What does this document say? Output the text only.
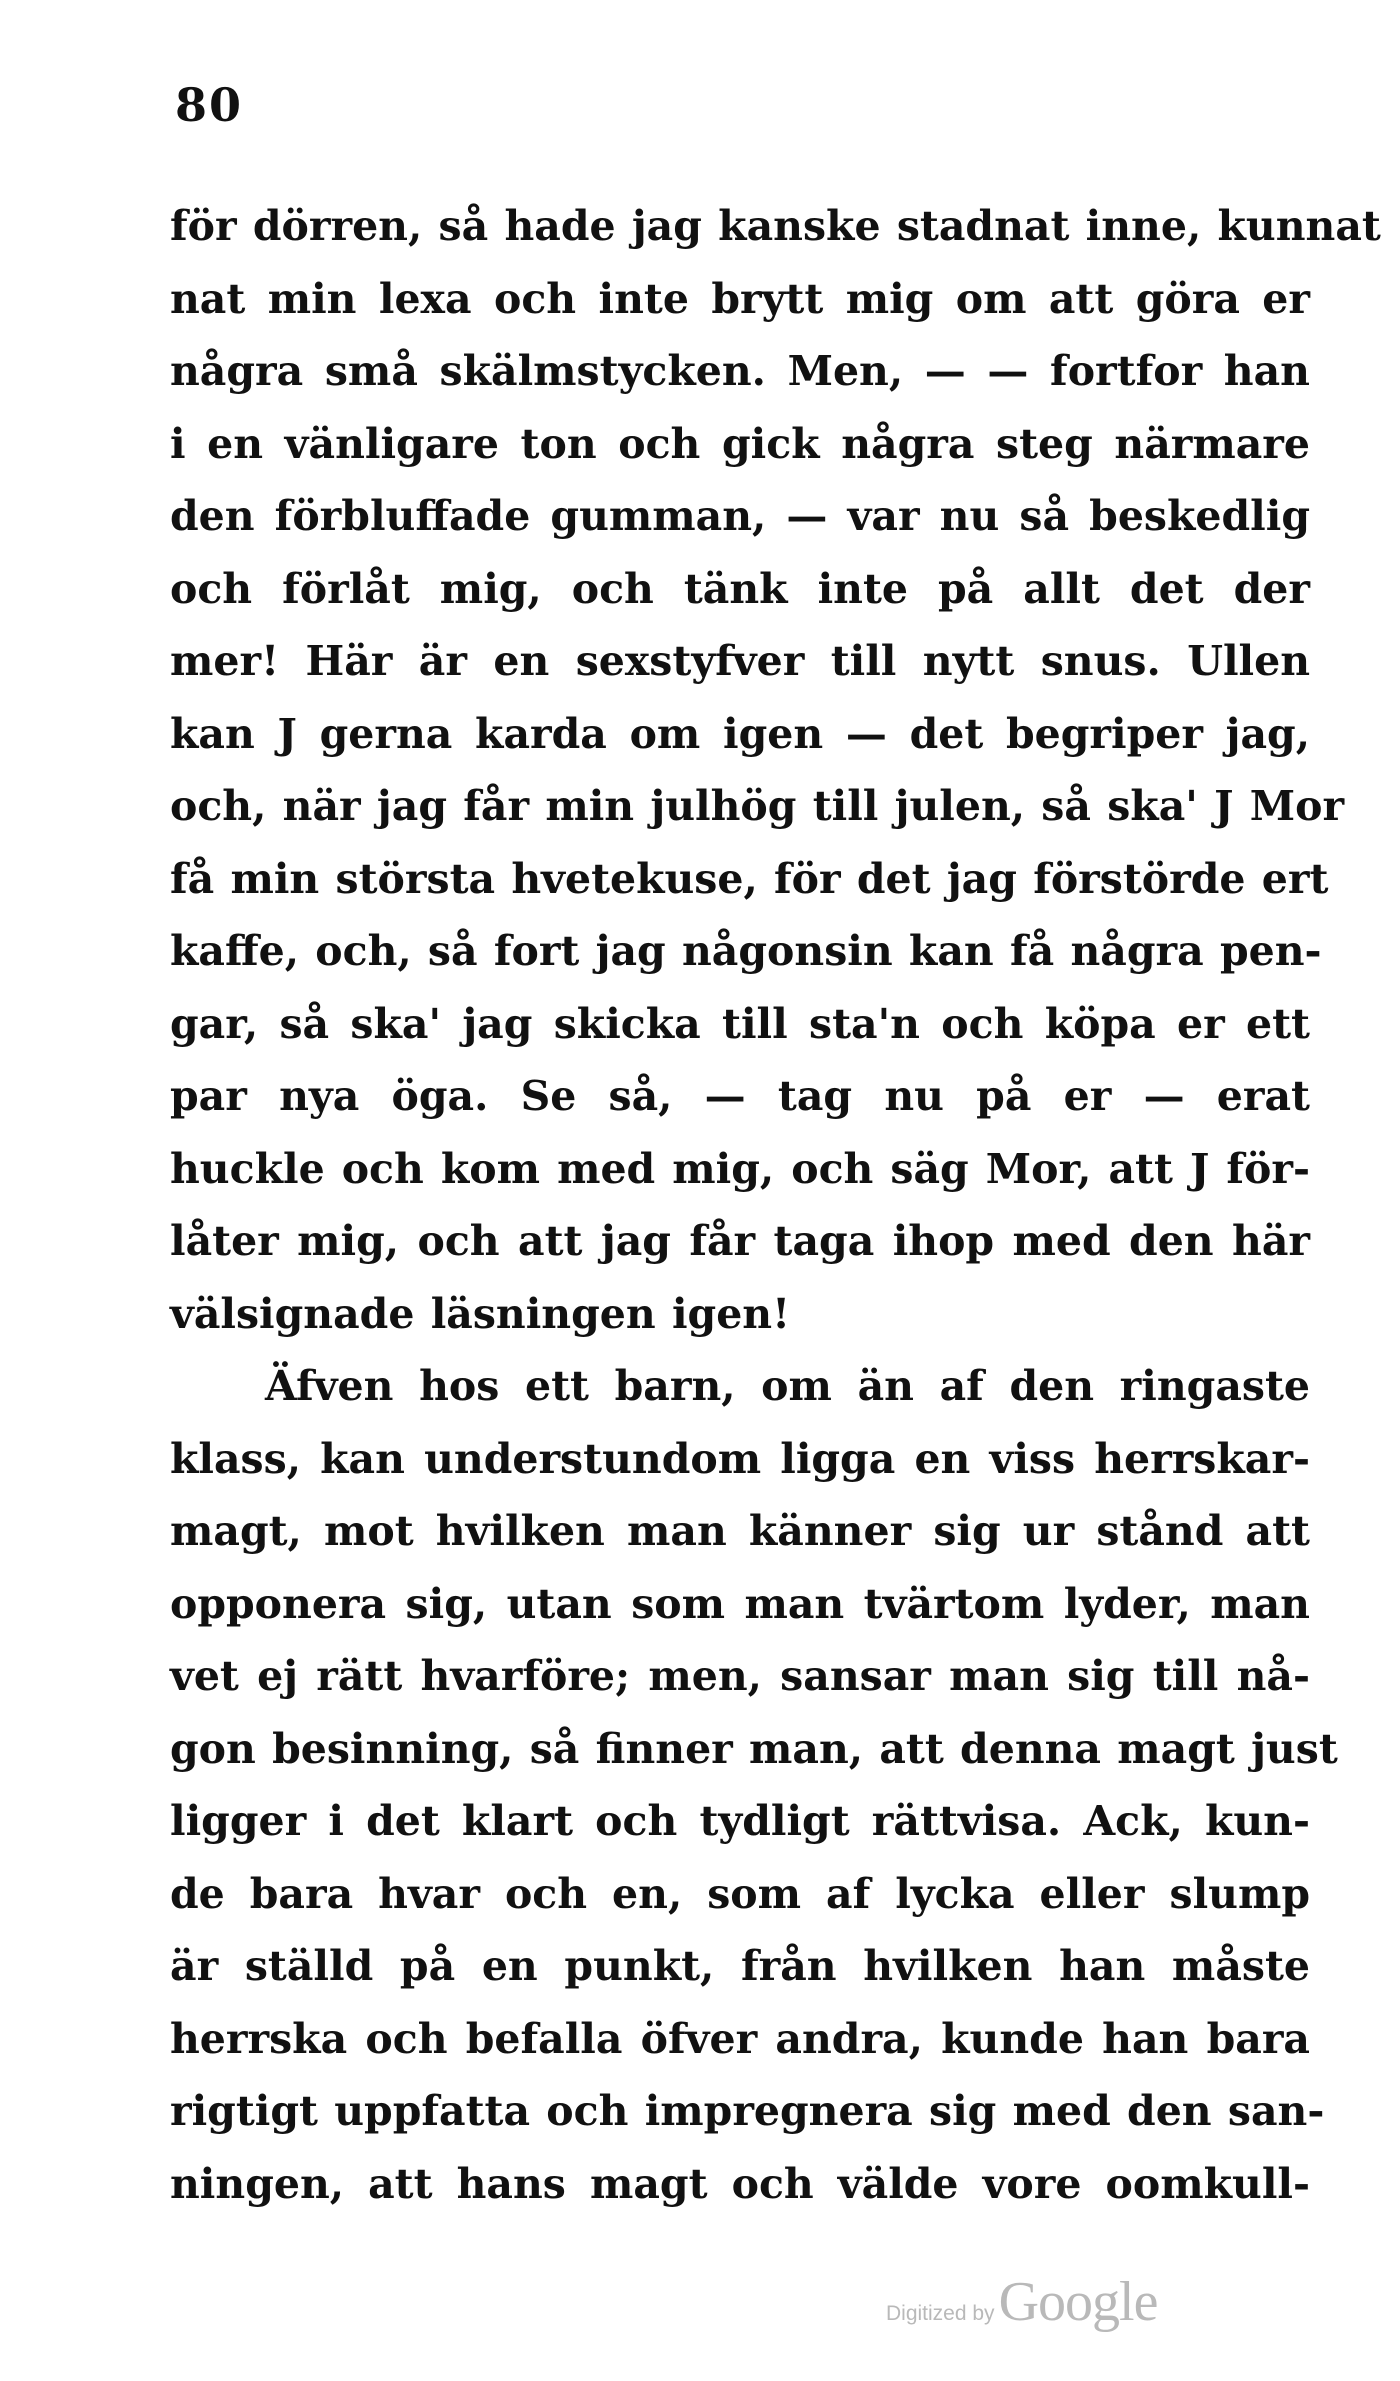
80
för dörren, så hade jag kanske stadnat inne, kunnat
nat min lexa och inte brytt mig om att göra er
några små skälmstycken. Men, — — fortfor han
i en vänligare ton och gick några steg närmare
den förbluffade gumman, — var nu så beskedlig
och förlåt mig, och tänk inte på allt det der
mer! Här är en sexstyfver till nytt snus. Ullen
kan J gerna karda om igen — det begriper jag,
och, när jag får min julhög till julen, så ska' J Mor
få min största hvetekuse, för det jag förstörde ert
kaffe, och, så fort jag någonsin kan få några pen-
gar, så ska' jag skicka till sta'n och köpa er ett
par nya öga. Se så, — tag nu på er — erat
huckle och kom med mig, och säg Mor, att J för-
låter mig, och att jag får taga ihop med den här
välsignade läsningen igen!
Äfven hos ett barn, om än af den ringaste
klass, kan understundom ligga en viss herrskar-
magt, mot hvilken man känner sig ur stånd att
opponera sig, utan som man tvärtom lyder, man
vet ej rätt hvarföre; men, sansar man sig till nå-
gon besinning, så finner man, att denna magt just
ligger i det klart och tydligt rättvisa. Ack, kun-
de bara hvar och en, som af lycka eller slump
är ställd på en punkt, från hvilken han måste
herrska och befalla öfver andra, kunde han bara
rigtigt uppfatta och impregnera sig med den san-
ningen, att hans magt och välde vore oomkull-
Digitized by Google
